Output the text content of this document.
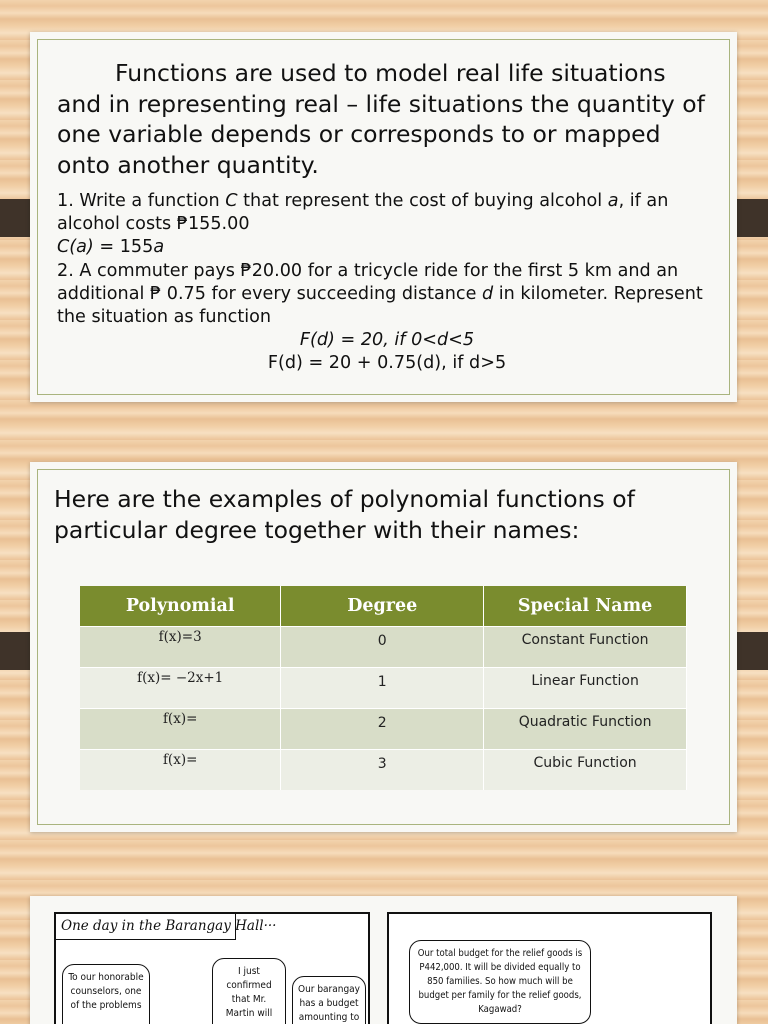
Functions are used to model real life situations and in representing real – life situations the quantity of one variable depends or corresponds to or mapped onto another quantity.
1. Write a function C that represent the cost of buying alcohol a, if an alcohol costs ₱155.00
C(a) = 155a
2. A commuter pays ₱20.00 for a tricycle ride for the first 5 km and an additional ₱ 0.75 for every succeeding distance d in kilometer. Represent the situation as function
F(d) = 20, if 0<d<5
F(d) = 20 + 0.75(d), if d>5
Here are the examples of polynomial functions of particular degree together with their names:
Polynomial	Degree	Special Name
f(x)=3	0	Constant Function
f(x)= −2x+1	1	Linear Function
f(x)=	2	Quadratic Function
f(x)=	3	Cubic Function
One day in the Barangay Hall···
To our honorable counselors, one of the problems
I just confirmed that Mr. Martin will
Our barangay has a budget amounting to
Our total budget for the relief goods is P442,000. It will be divided equally to 850 families. So how much will be budget per family for the relief goods, Kagawad?
